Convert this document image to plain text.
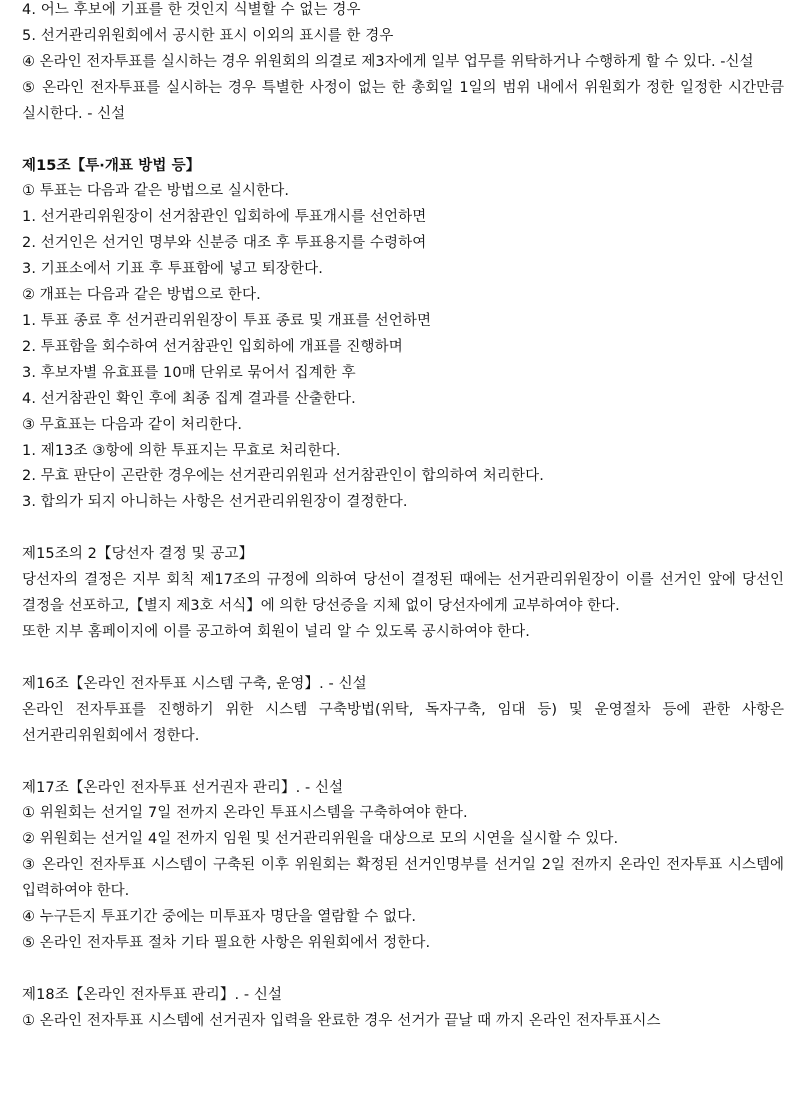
4. 어느 후보에 기표를 한 것인지 식별할 수 없는 경우
5. 선거관리위원회에서 공시한 표시 이외의 표시를 한 경우
④ 온라인 전자투표를 실시하는 경우 위원회의 의결로 제3자에게 일부 업무를 위탁하거나 수행하게 할 수 있다. -신설
⑤ 온라인 전자투표를 실시하는 경우 특별한 사정이 없는 한 총회일 1일의 범위 내에서 위원회가 정한 일정한 시간만큼 실시한다. - 신설
제15조【투·개표 방법 등】
① 투표는 다음과 같은 방법으로 실시한다.
1. 선거관리위원장이 선거참관인 입회하에 투표개시를 선언하면
2. 선거인은 선거인 명부와 신분증 대조 후 투표용지를 수령하여
3. 기표소에서 기표 후 투표함에 넣고 퇴장한다.
② 개표는 다음과 같은 방법으로 한다.
1. 투표 종료 후 선거관리위원장이 투표 종료 및 개표를 선언하면
2. 투표함을 회수하여 선거참관인 입회하에 개표를 진행하며
3. 후보자별 유효표를 10매 단위로 묶어서 집계한 후
4. 선거참관인 확인 후에 최종 집계 결과를 산출한다.
③ 무효표는 다음과 같이 처리한다.
1. 제13조 ③항에 의한 투표지는 무효로 처리한다.
2. 무효 판단이 곤란한 경우에는 선거관리위원과 선거참관인이 합의하여 처리한다.
3. 합의가 되지 아니하는 사항은 선거관리위원장이 결정한다.
제15조의 2【당선자 결정 및 공고】
당선자의 결정은 지부 회칙 제17조의 규정에 의하여 당선이 결정된 때에는 선거관리위원장이 이를 선거인 앞에 당선인 결정을 선포하고,【별지 제3호 서식】에 의한 당선증을 지체 없이 당선자에게 교부하여야 한다.
또한 지부 홈페이지에 이를 공고하여 회원이 널리 알 수 있도록 공시하여야 한다.
제16조【온라인 전자투표 시스템 구축, 운영】. - 신설
온라인 전자투표를 진행하기 위한 시스템 구축방법(위탁, 독자구축, 임대 등) 및 운영절차 등에 관한 사항은 선거관리위원회에서 정한다.
제17조【온라인 전자투표 선거권자 관리】. - 신설
① 위원회는 선거일 7일 전까지 온라인 투표시스템을 구축하여야 한다.
② 위원회는 선거일 4일 전까지 임원 및 선거관리위원을 대상으로 모의 시연을 실시할 수 있다.
③ 온라인 전자투표 시스템이 구축된 이후 위원회는 확정된 선거인명부를 선거일 2일 전까지 온라인 전자투표 시스템에 입력하여야 한다.
④ 누구든지 투표기간 중에는 미투표자 명단을 열람할 수 없다.
⑤ 온라인 전자투표 절차 기타 필요한 사항은 위원회에서 정한다.
제18조【온라인 전자투표 관리】. - 신설
① 온라인 전자투표 시스템에 선거권자 입력을 완료한 경우 선거가 끝날 때 까지 온라인 전자투표시스
